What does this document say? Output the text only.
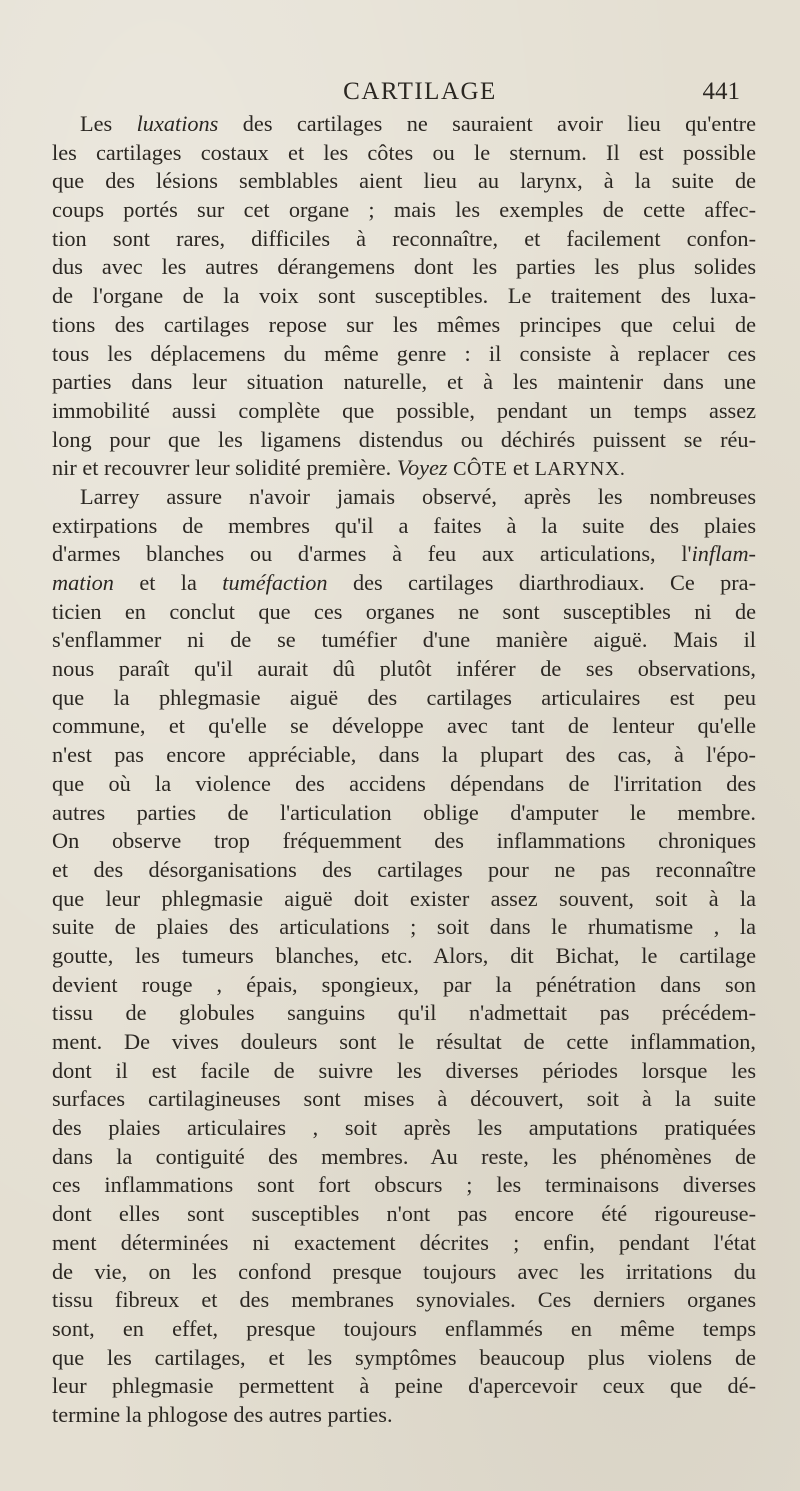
CARTILAGE	441
Les luxations des cartilages ne sauraient avoir lieu qu'entre
les cartilages costaux et les côtes ou le sternum. Il est possible
que des lésions semblables aient lieu au larynx, à la suite de
coups portés sur cet organe ; mais les exemples de cette affec-
tion sont rares, difficiles à reconnaître, et facilement confon-
dus avec les autres dérangemens dont les parties les plus solides
de l'organe de la voix sont susceptibles. Le traitement des luxa-
tions des cartilages repose sur les mêmes principes que celui de
tous les déplacemens du même genre : il consiste à replacer ces
parties dans leur situation naturelle, et à les maintenir dans une
immobilité aussi complète que possible, pendant un temps assez
long pour que les ligamens distendus ou déchirés puissent se réu-
nir et recouvrer leur solidité première. Voyez CÔTE et LARYNX.
Larrey assure n'avoir jamais observé, après les nombreuses
extirpations de membres qu'il a faites à la suite des plaies
d'armes blanches ou d'armes à feu aux articulations, l'inflam-
mation et la tuméfaction des cartilages diarthrodiaux. Ce pra-
ticien en conclut que ces organes ne sont susceptibles ni de
s'enflammer ni de se tuméfier d'une manière aiguë. Mais il
nous paraît qu'il aurait dû plutôt inférer de ses observations,
que la phlegmasie aiguë des cartilages articulaires est peu
commune, et qu'elle se développe avec tant de lenteur qu'elle
n'est pas encore appréciable, dans la plupart des cas, à l'épo-
que où la violence des accidens dépendans de l'irritation des
autres parties de l'articulation oblige d'amputer le membre.
On observe trop fréquemment des inflammations chroniques
et des désorganisations des cartilages pour ne pas reconnaître
que leur phlegmasie aiguë doit exister assez souvent, soit à la
suite de plaies des articulations ; soit dans le rhumatisme , la
goutte, les tumeurs blanches, etc. Alors, dit Bichat, le cartilage
devient rouge , épais, spongieux, par la pénétration dans son
tissu de globules sanguins qu'il n'admettait pas précédem-
ment. De vives douleurs sont le résultat de cette inflammation,
dont il est facile de suivre les diverses périodes lorsque les
surfaces cartilagineuses sont mises à découvert, soit à la suite
des plaies articulaires , soit après les amputations pratiquées
dans la contiguité des membres. Au reste, les phénomènes de
ces inflammations sont fort obscurs ; les terminaisons diverses
dont elles sont susceptibles n'ont pas encore été rigoureuse-
ment déterminées ni exactement décrites ; enfin, pendant l'état
de vie, on les confond presque toujours avec les irritations du
tissu fibreux et des membranes synoviales. Ces derniers organes
sont, en effet, presque toujours enflammés en même temps
que les cartilages, et les symptômes beaucoup plus violens de
leur phlegmasie permettent à peine d'apercevoir ceux que dé-
termine la phlogose des autres parties.
